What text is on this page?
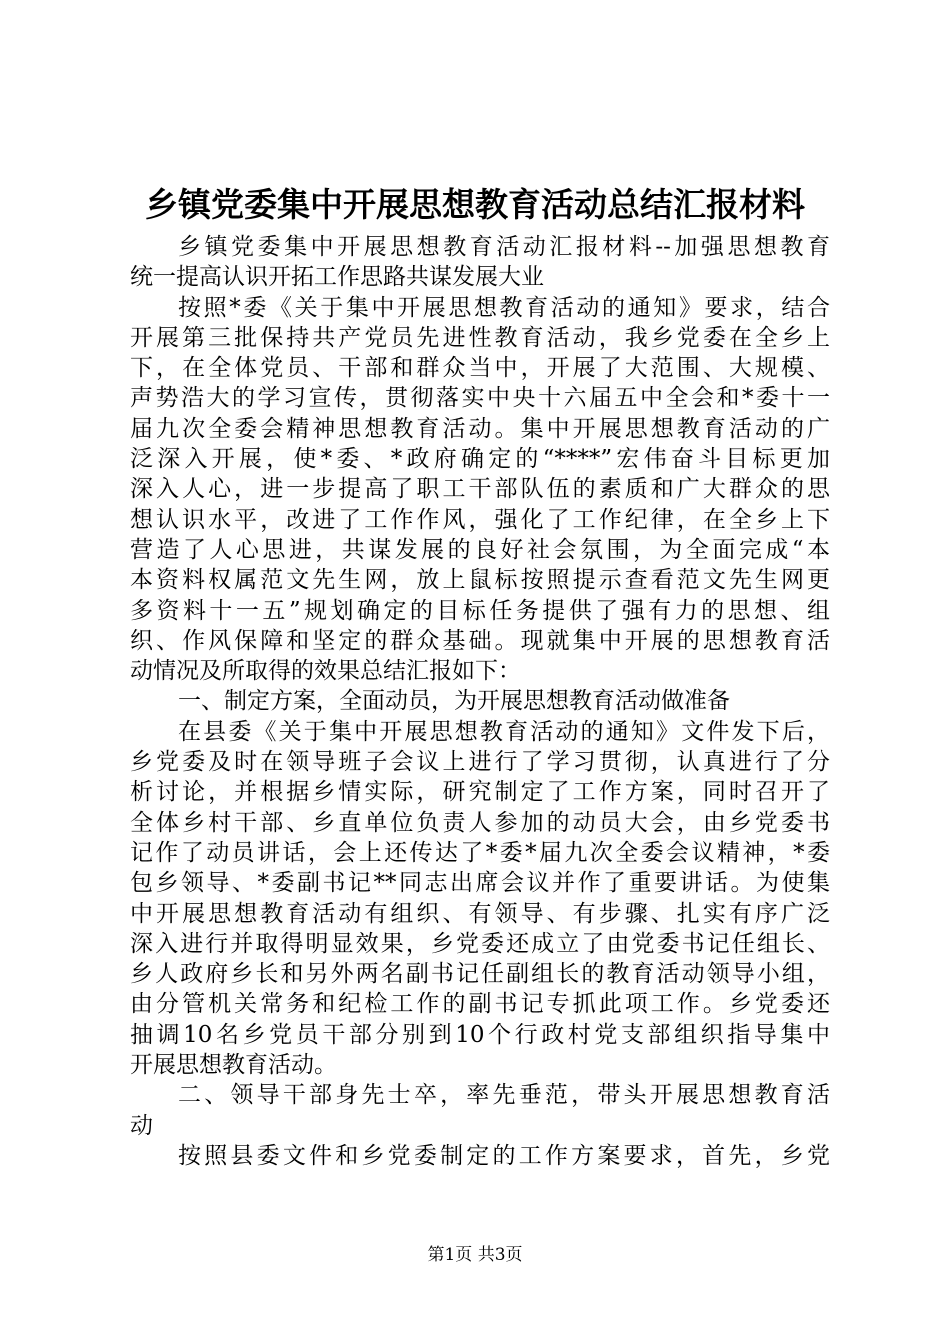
乡镇党委集中开展思想教育活动总结汇报材料
乡镇党委集中开展思想教育活动汇报材料--加强思想教育
统一提高认识开拓工作思路共谋发展大业
按照*委《关于集中开展思想教育活动的通知》要求，结合
开展第三批保持共产党员先进性教育活动，我乡党委在全乡上
下，在全体党员、干部和群众当中，开展了大范围、大规模、
声势浩大的学习宣传，贯彻落实中央十六届五中全会和*委十一
届九次全委会精神思想教育活动。集中开展思想教育活动的广
泛深入开展，使*委、*政府确定的“****”宏伟奋斗目标更加
深入人心，进一步提高了职工干部队伍的素质和广大群众的思
想认识水平，改进了工作作风，强化了工作纪律，在全乡上下
营造了人心思进，共谋发展的良好社会氛围，为全面完成“本
本资料权属范文先生网，放上鼠标按照提示查看范文先生网更
多资料十一五”规划确定的目标任务提供了强有力的思想、组
织、作风保障和坚定的群众基础。现就集中开展的思想教育活
动情况及所取得的效果总结汇报如下：
一、制定方案，全面动员，为开展思想教育活动做准备
在县委《关于集中开展思想教育活动的通知》文件发下后，
乡党委及时在领导班子会议上进行了学习贯彻，认真进行了分
析讨论，并根据乡情实际，研究制定了工作方案，同时召开了
全体乡村干部、乡直单位负责人参加的动员大会，由乡党委书
记作了动员讲话，会上还传达了*委*届九次全委会议精神，*委
包乡领导、*委副书记**同志出席会议并作了重要讲话。为使集
中开展思想教育活动有组织、有领导、有步骤、扎实有序广泛
深入进行并取得明显效果，乡党委还成立了由党委书记任组长、
乡人政府乡长和另外两名副书记任副组长的教育活动领导小组，
由分管机关常务和纪检工作的副书记专抓此项工作。乡党委还
抽调10名乡党员干部分别到10个行政村党支部组织指导集中
开展思想教育活动。
二、领导干部身先士卒，率先垂范，带头开展思想教育活
动
按照县委文件和乡党委制定的工作方案要求，首先，乡党
第1页 共3页
